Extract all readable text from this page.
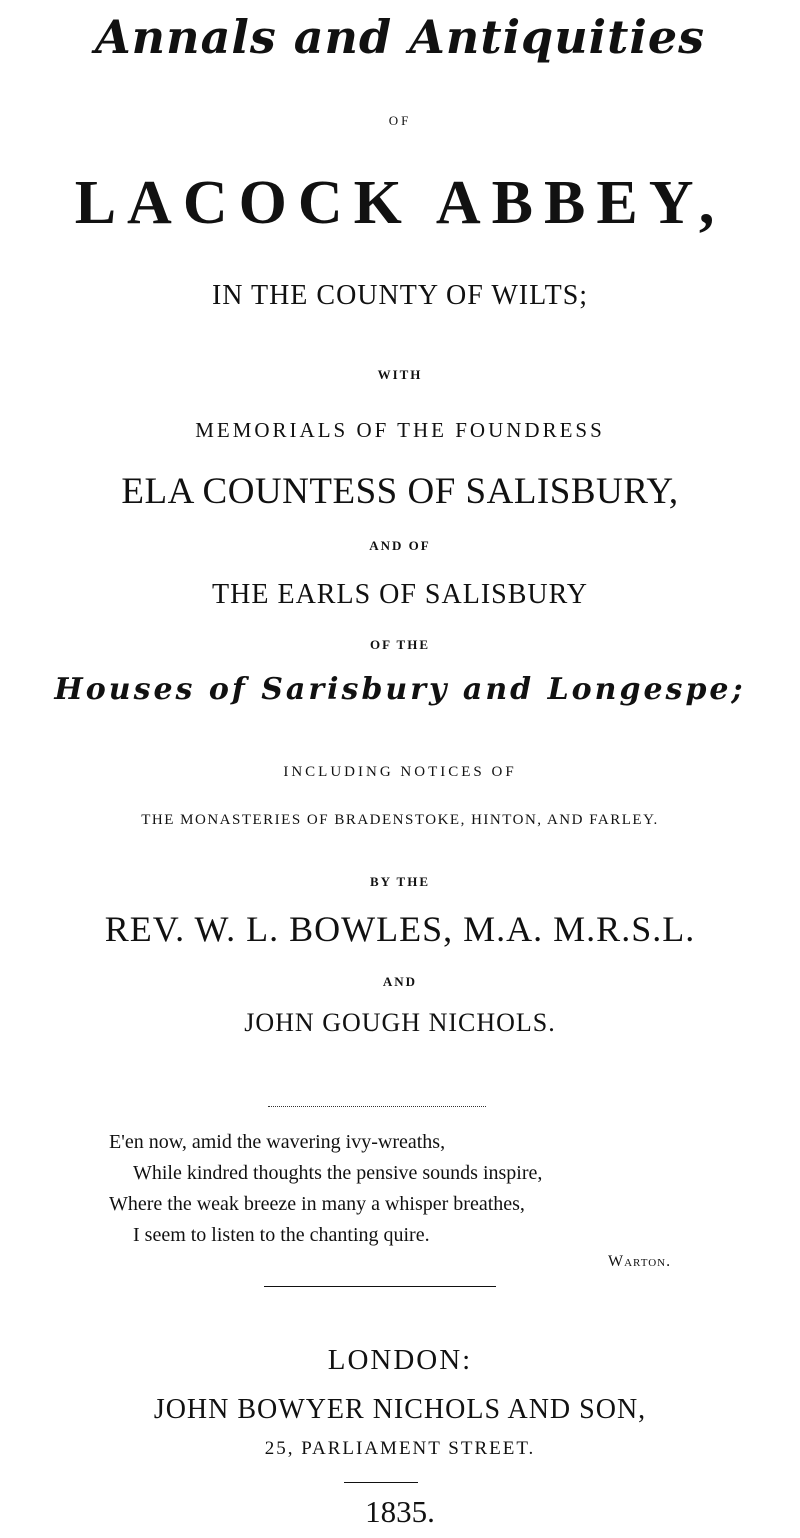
Annals and Antiquities
OF
LACOCK ABBEY,
IN THE COUNTY OF WILTS;
WITH
MEMORIALS OF THE FOUNDRESS
ELA COUNTESS OF SALISBURY,
AND OF
THE EARLS OF SALISBURY
OF THE
Houses of Sarisbury and Longespe;
INCLUDING NOTICES OF
THE MONASTERIES OF BRADENSTOKE, HINTON, AND FARLEY.
BY THE
REV. W. L. BOWLES, M.A. M.R.S.L.
AND
JOHN GOUGH NICHOLS.
E'en now, amid the wavering ivy-wreaths,
While kindred thoughts the pensive sounds inspire,
Where the weak breeze in many a whisper breathes,
I seem to listen to the chanting quire.
Warton.
LONDON:
JOHN BOWYER NICHOLS AND SON,
25, PARLIAMENT STREET.
1835.
